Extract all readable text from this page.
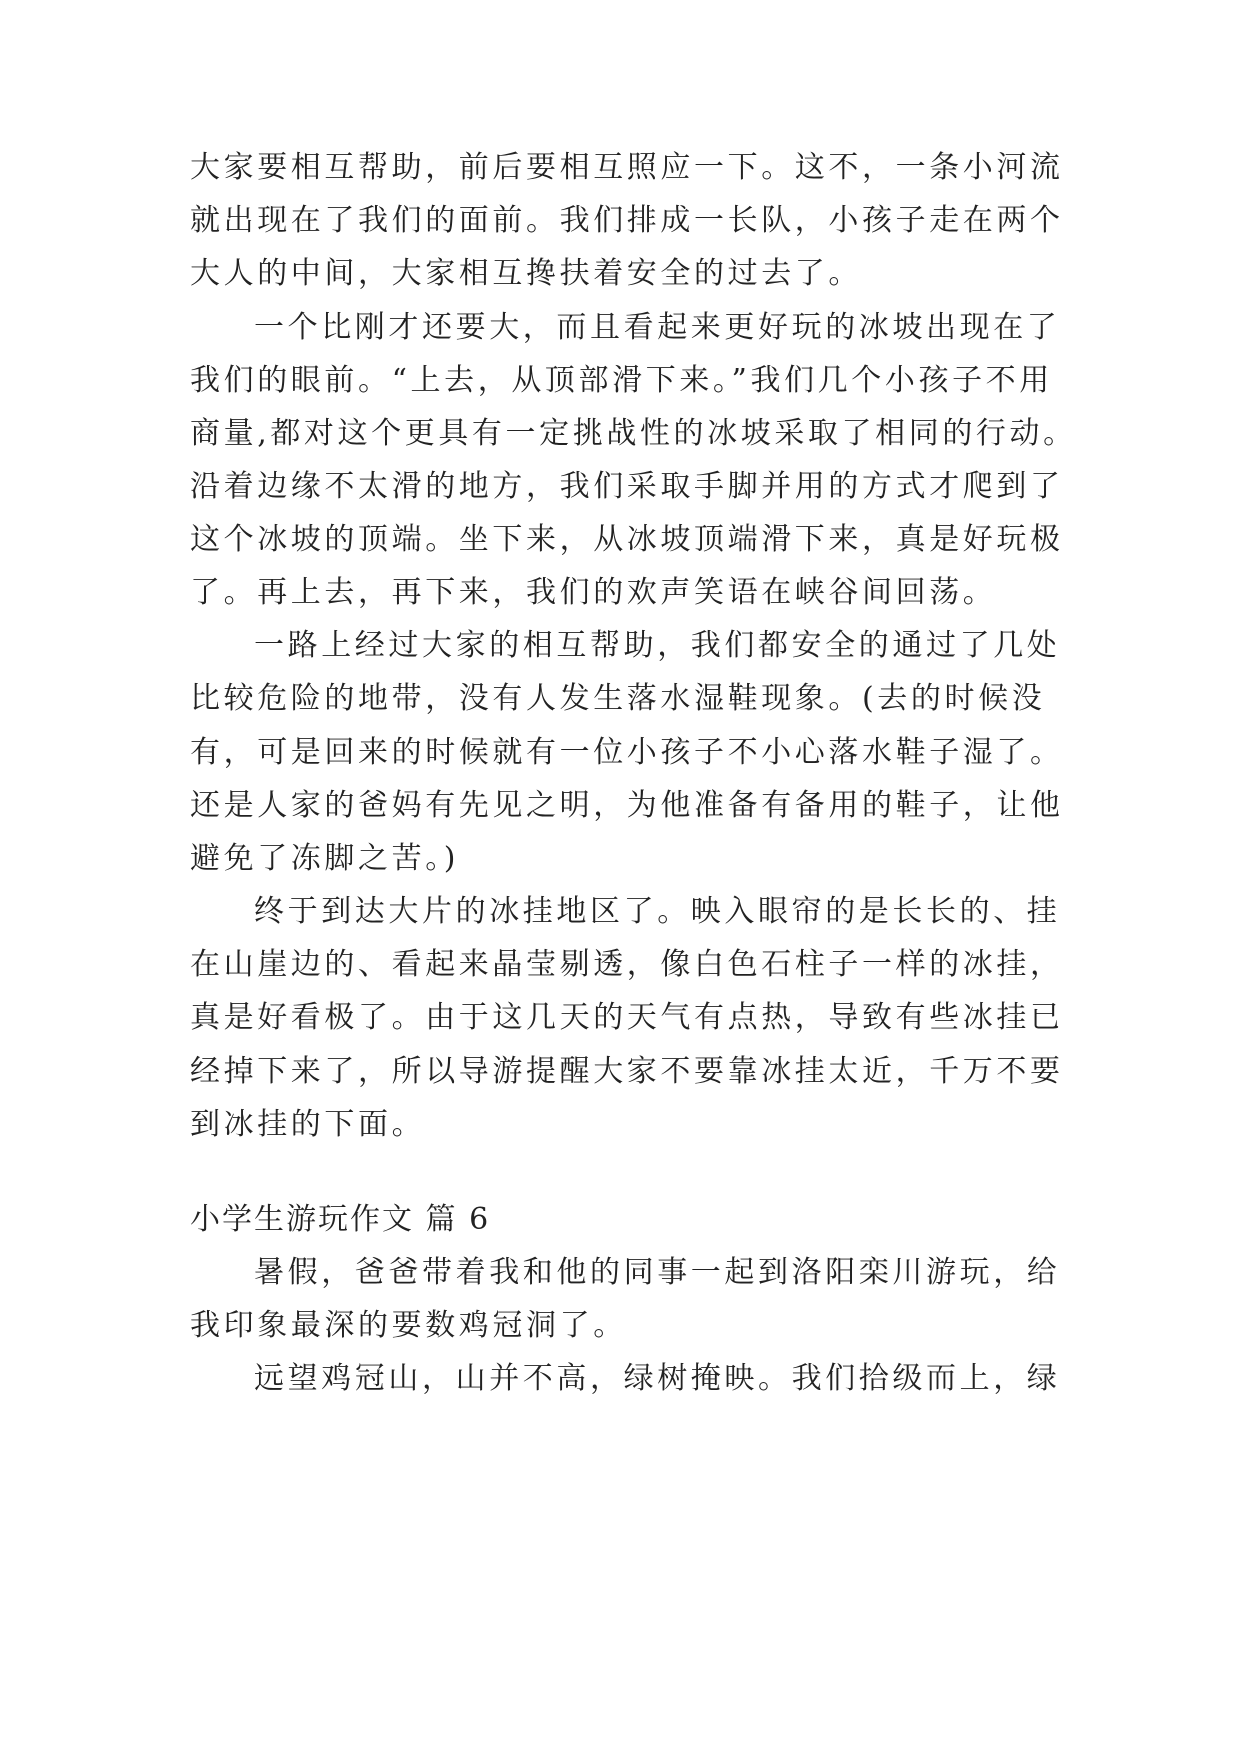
大家要相互帮助，前后要相互照应一下。这不，一条小河流
就出现在了我们的面前。我们排成一长队，小孩子走在两个
大人的中间，大家相互搀扶着安全的过去了。
一个比刚才还要大，而且看起来更好玩的冰坡出现在了
我们的眼前。“上去，从顶部滑下来。”我们几个小孩子不用
商量,都对这个更具有一定挑战性的冰坡采取了相同的行动。
沿着边缘不太滑的地方，我们采取手脚并用的方式才爬到了
这个冰坡的顶端。坐下来，从冰坡顶端滑下来，真是好玩极
了。再上去，再下来，我们的欢声笑语在峡谷间回荡。
一路上经过大家的相互帮助，我们都安全的通过了几处
比较危险的地带，没有人发生落水湿鞋现象。(去的时候没
有，可是回来的时候就有一位小孩子不小心落水鞋子湿了。
还是人家的爸妈有先见之明，为他准备有备用的鞋子，让他
避免了冻脚之苦。)
终于到达大片的冰挂地区了。映入眼帘的是长长的、挂
在山崖边的、看起来晶莹剔透，像白色石柱子一样的冰挂，
真是好看极了。由于这几天的天气有点热，导致有些冰挂已
经掉下来了，所以导游提醒大家不要靠冰挂太近，千万不要
到冰挂的下面。
小学生游玩作文 篇 6
暑假，爸爸带着我和他的同事一起到洛阳栾川游玩，给
我印象最深的要数鸡冠洞了。
远望鸡冠山，山并不高，绿树掩映。我们拾级而上，绿
